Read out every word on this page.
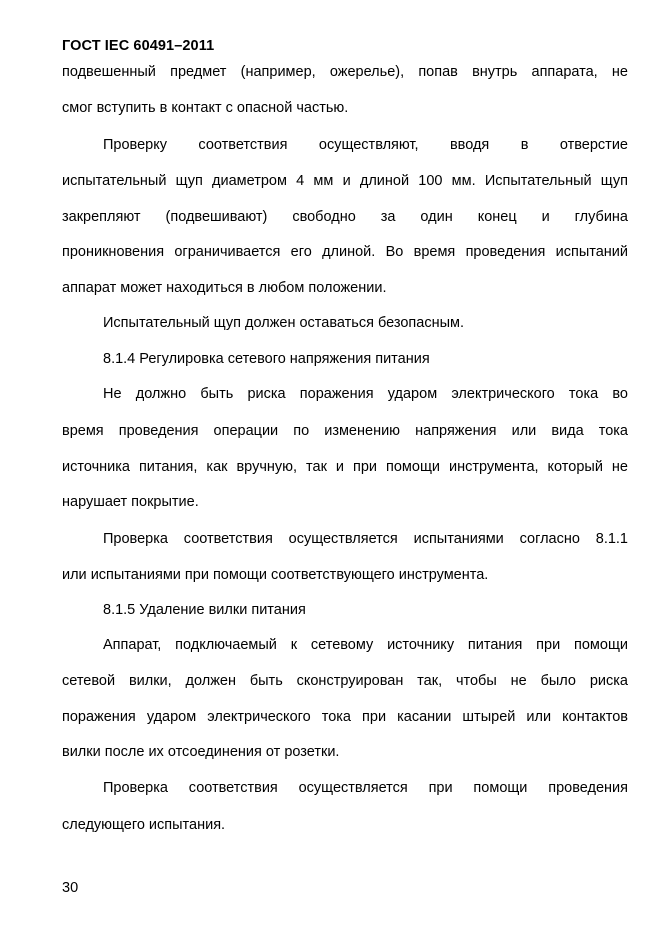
ГОСТ IEC 60491–2011
подвешенный предмет (например, ожерелье), попав внутрь аппарата, не
смог вступить в контакт с опасной частью.
Проверку соответствия осуществляют, вводя в отверстие
испытательный щуп диаметром 4 мм и длиной 100 мм. Испытательный щуп
закрепляют (подвешивают) свободно за один конец и глубина
проникновения ограничивается его длиной. Во время проведения испытаний
аппарат может находиться в любом положении.
Испытательный щуп должен оставаться безопасным.
8.1.4 Регулировка сетевого напряжения питания
Не должно быть риска поражения ударом электрического тока во
время проведения операции по изменению напряжения или вида тока
источника питания, как вручную, так и при помощи инструмента, который не
нарушает покрытие.
Проверка соответствия осуществляется испытаниями согласно 8.1.1
или испытаниями при помощи соответствующего инструмента.
8.1.5 Удаление вилки питания
Аппарат, подключаемый к сетевому источнику питания при помощи
сетевой вилки, должен быть сконструирован так, чтобы не было риска
поражения ударом электрического тока при касании штырей или контактов
вилки после их отсоединения от розетки.
Проверка соответствия осуществляется при помощи проведения
следующего испытания.
30
